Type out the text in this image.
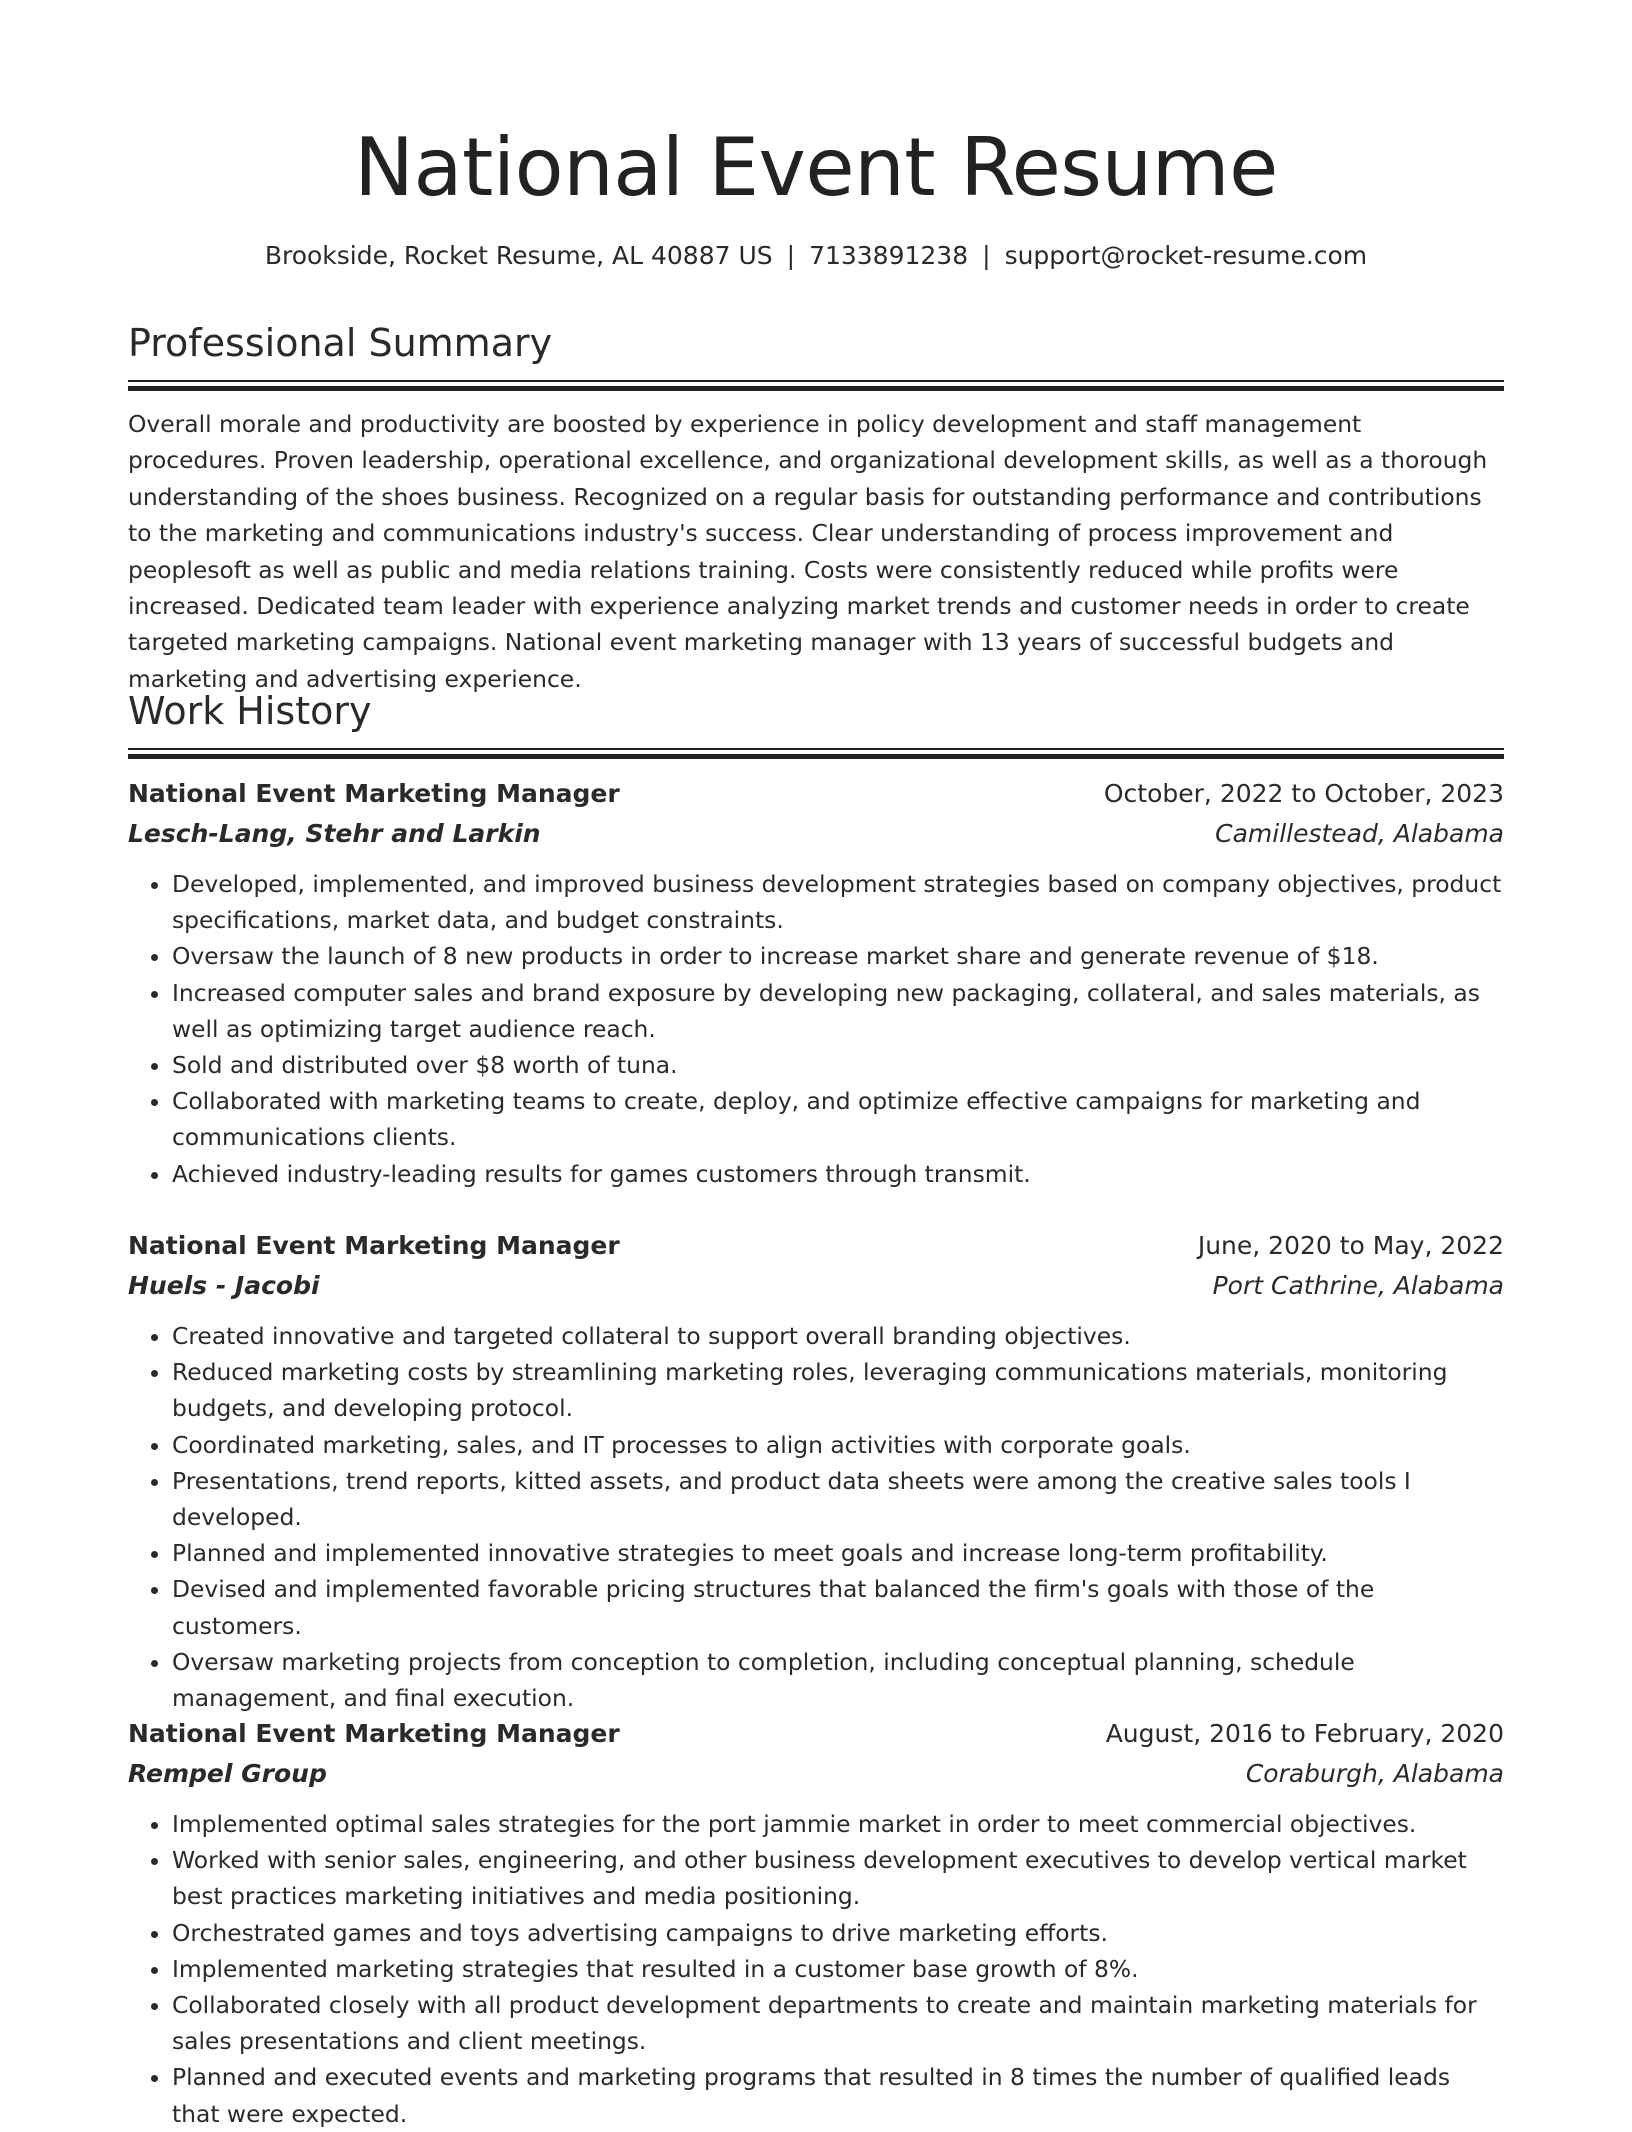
National Event Resume
Brookside, Rocket Resume, AL 40887 US | 7133891238 | support@rocket-resume.com
Professional Summary
Overall morale and productivity are boosted by experience in policy development and staff management procedures. Proven leadership, operational excellence, and organizational development skills, as well as a thorough understanding of the shoes business. Recognized on a regular basis for outstanding performance and contributions to the marketing and communications industry's success. Clear understanding of process improvement and peoplesoft as well as public and media relations training. Costs were consistently reduced while profits were increased. Dedicated team leader with experience analyzing market trends and customer needs in order to create targeted marketing campaigns. National event marketing manager with 13 years of successful budgets and marketing and advertising experience.
Work History
National Event Marketing Manager	October, 2022 to October, 2023
Lesch-Lang, Stehr and Larkin	Camillestead, Alabama
• Developed, implemented, and improved business development strategies based on company objectives, product specifications, market data, and budget constraints.
• Oversaw the launch of 8 new products in order to increase market share and generate revenue of $18.
• Increased computer sales and brand exposure by developing new packaging, collateral, and sales materials, as well as optimizing target audience reach.
• Sold and distributed over $8 worth of tuna.
• Collaborated with marketing teams to create, deploy, and optimize effective campaigns for marketing and communications clients.
• Achieved industry-leading results for games customers through transmit.
National Event Marketing Manager	June, 2020 to May, 2022
Huels - Jacobi	Port Cathrine, Alabama
• Created innovative and targeted collateral to support overall branding objectives.
• Reduced marketing costs by streamlining marketing roles, leveraging communications materials, monitoring budgets, and developing protocol.
• Coordinated marketing, sales, and IT processes to align activities with corporate goals.
• Presentations, trend reports, kitted assets, and product data sheets were among the creative sales tools I developed.
• Planned and implemented innovative strategies to meet goals and increase long-term profitability.
• Devised and implemented favorable pricing structures that balanced the firm's goals with those of the customers.
• Oversaw marketing projects from conception to completion, including conceptual planning, schedule management, and final execution.
National Event Marketing Manager	August, 2016 to February, 2020
Rempel Group	Coraburgh, Alabama
• Implemented optimal sales strategies for the port jammie market in order to meet commercial objectives.
• Worked with senior sales, engineering, and other business development executives to develop vertical market best practices marketing initiatives and media positioning.
• Orchestrated games and toys advertising campaigns to drive marketing efforts.
• Implemented marketing strategies that resulted in a customer base growth of 8%.
• Collaborated closely with all product development departments to create and maintain marketing materials for sales presentations and client meetings.
• Planned and executed events and marketing programs that resulted in 8 times the number of qualified leads that were expected.
